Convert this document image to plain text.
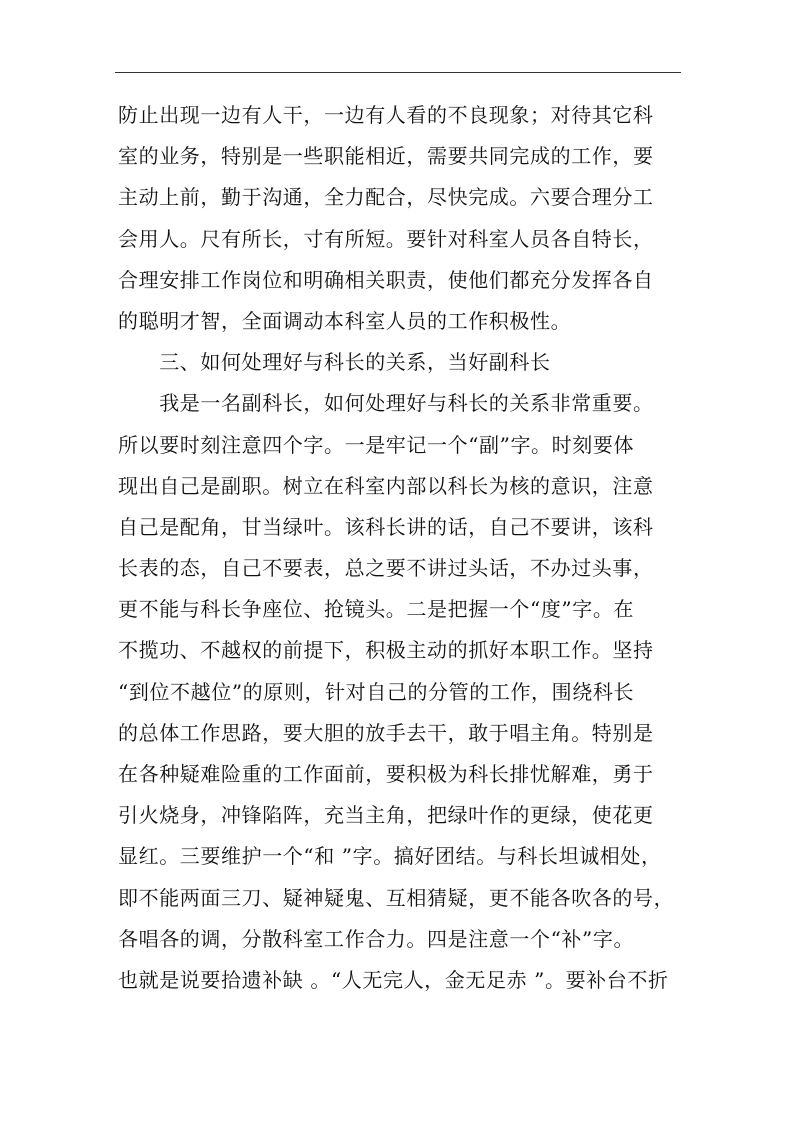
防止出现一边有人干，一边有人看的不良现象；对待其它科
室的业务，特别是一些职能相近，需要共同完成的工作，要
主动上前，勤于沟通，全力配合，尽快完成。六要合理分工
会用人。尺有所长，寸有所短。要针对科室人员各自特长，
合理安排工作岗位和明确相关职责，使他们都充分发挥各自
的聪明才智，全面调动本科室人员的工作积极性。
　　三、如何处理好与科长的关系，当好副科长
　　我是一名副科长，如何处理好与科长的关系非常重要。
所以要时刻注意四个字。一是牢记一个“副”字。时刻要体
现出自己是副职。树立在科室内部以科长为核的意识，注意
自己是配角，甘当绿叶。该科长讲的话，自己不要讲，该科
长表的态，自己不要表，总之要不讲过头话，不办过头事，
更不能与科长争座位、抢镜头。二是把握一个“度”字。在
不揽功、不越权的前提下，积极主动的抓好本职工作。坚持
“到位不越位”的原则，针对自己的分管的工作，围绕科长
的总体工作思路，要大胆的放手去干，敢于唱主角。特别是
在各种疑难险重的工作面前，要积极为科长排忧解难，勇于
引火烧身，冲锋陷阵，充当主角，把绿叶作的更绿，使花更
显红。三要维护一个“和 ”字。搞好团结。与科长坦诚相处，
即不能两面三刀、疑神疑鬼、互相猜疑，更不能各吹各的号，
各唱各的调，分散科室工作合力。四是注意一个“补”字。
也就是说要拾遗补缺 。“人无完人，金无足赤 ”。要补台不折
